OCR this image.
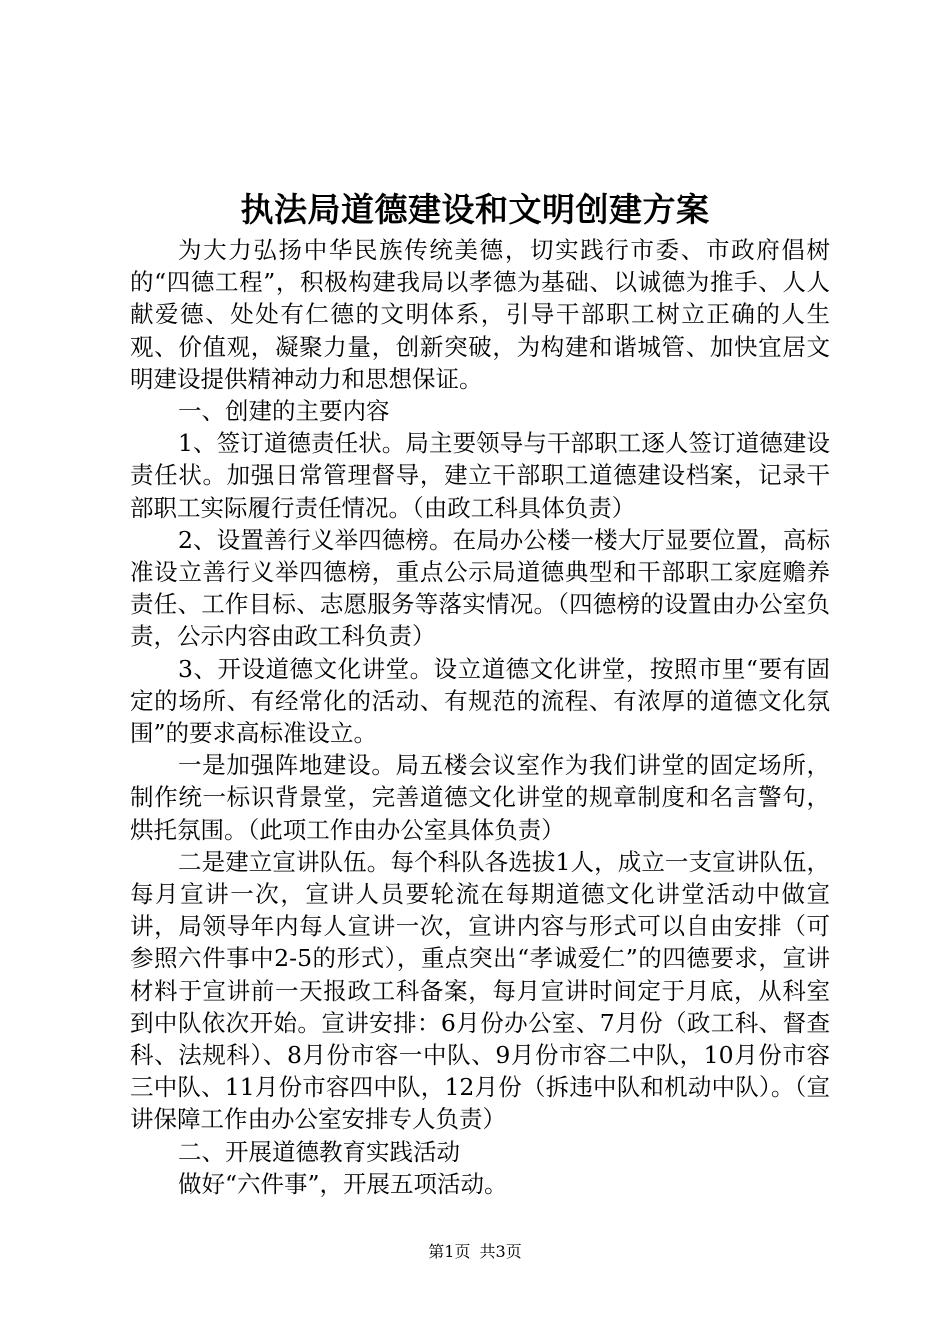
执法局道德建设和文明创建方案

为大力弘扬中华民族传统美德，切实践行市委、市政府倡树的“四德工程”，积极构建我局以孝德为基础、以诚德为推手、人人献爱德、处处有仁德的文明体系，引导干部职工树立正确的人生观、价值观，凝聚力量，创新突破，为构建和谐城管、加快宜居文明建设提供精神动力和思想保证。

一、创建的主要内容

1、签订道德责任状。局主要领导与干部职工逐人签订道德建设责任状。加强日常管理督导，建立干部职工道德建设档案，记录干部职工实际履行责任情况。（由政工科具体负责）

2、设置善行义举四德榜。在局办公楼一楼大厅显要位置，高标准设立善行义举四德榜，重点公示局道德典型和干部职工家庭赡养责任、工作目标、志愿服务等落实情况。（四德榜的设置由办公室负责，公示内容由政工科负责）

3、开设道德文化讲堂。设立道德文化讲堂，按照市里“要有固定的场所、有经常化的活动、有规范的流程、有浓厚的道德文化氛围”的要求高标准设立。

一是加强阵地建设。局五楼会议室作为我们讲堂的固定场所，制作统一标识背景堂，完善道德文化讲堂的规章制度和名言警句，烘托氛围。（此项工作由办公室具体负责）

二是建立宣讲队伍。每个科队各选拔1人，成立一支宣讲队伍，每月宣讲一次，宣讲人员要轮流在每期道德文化讲堂活动中做宣讲，局领导年内每人宣讲一次，宣讲内容与形式可以自由安排（可参照六件事中2-5的形式），重点突出“孝诚爱仁”的四德要求，宣讲材料于宣讲前一天报政工科备案，每月宣讲时间定于月底，从科室到中队依次开始。宣讲安排：6月份办公室、7月份（政工科、督查科、法规科）、8月份市容一中队、9月份市容二中队，10月份市容三中队、11月份市容四中队，12月份（拆违中队和机动中队）。（宣讲保障工作由办公室安排专人负责）

二、开展道德教育实践活动

做好“六件事”，开展五项活动。

第1页 共3页
